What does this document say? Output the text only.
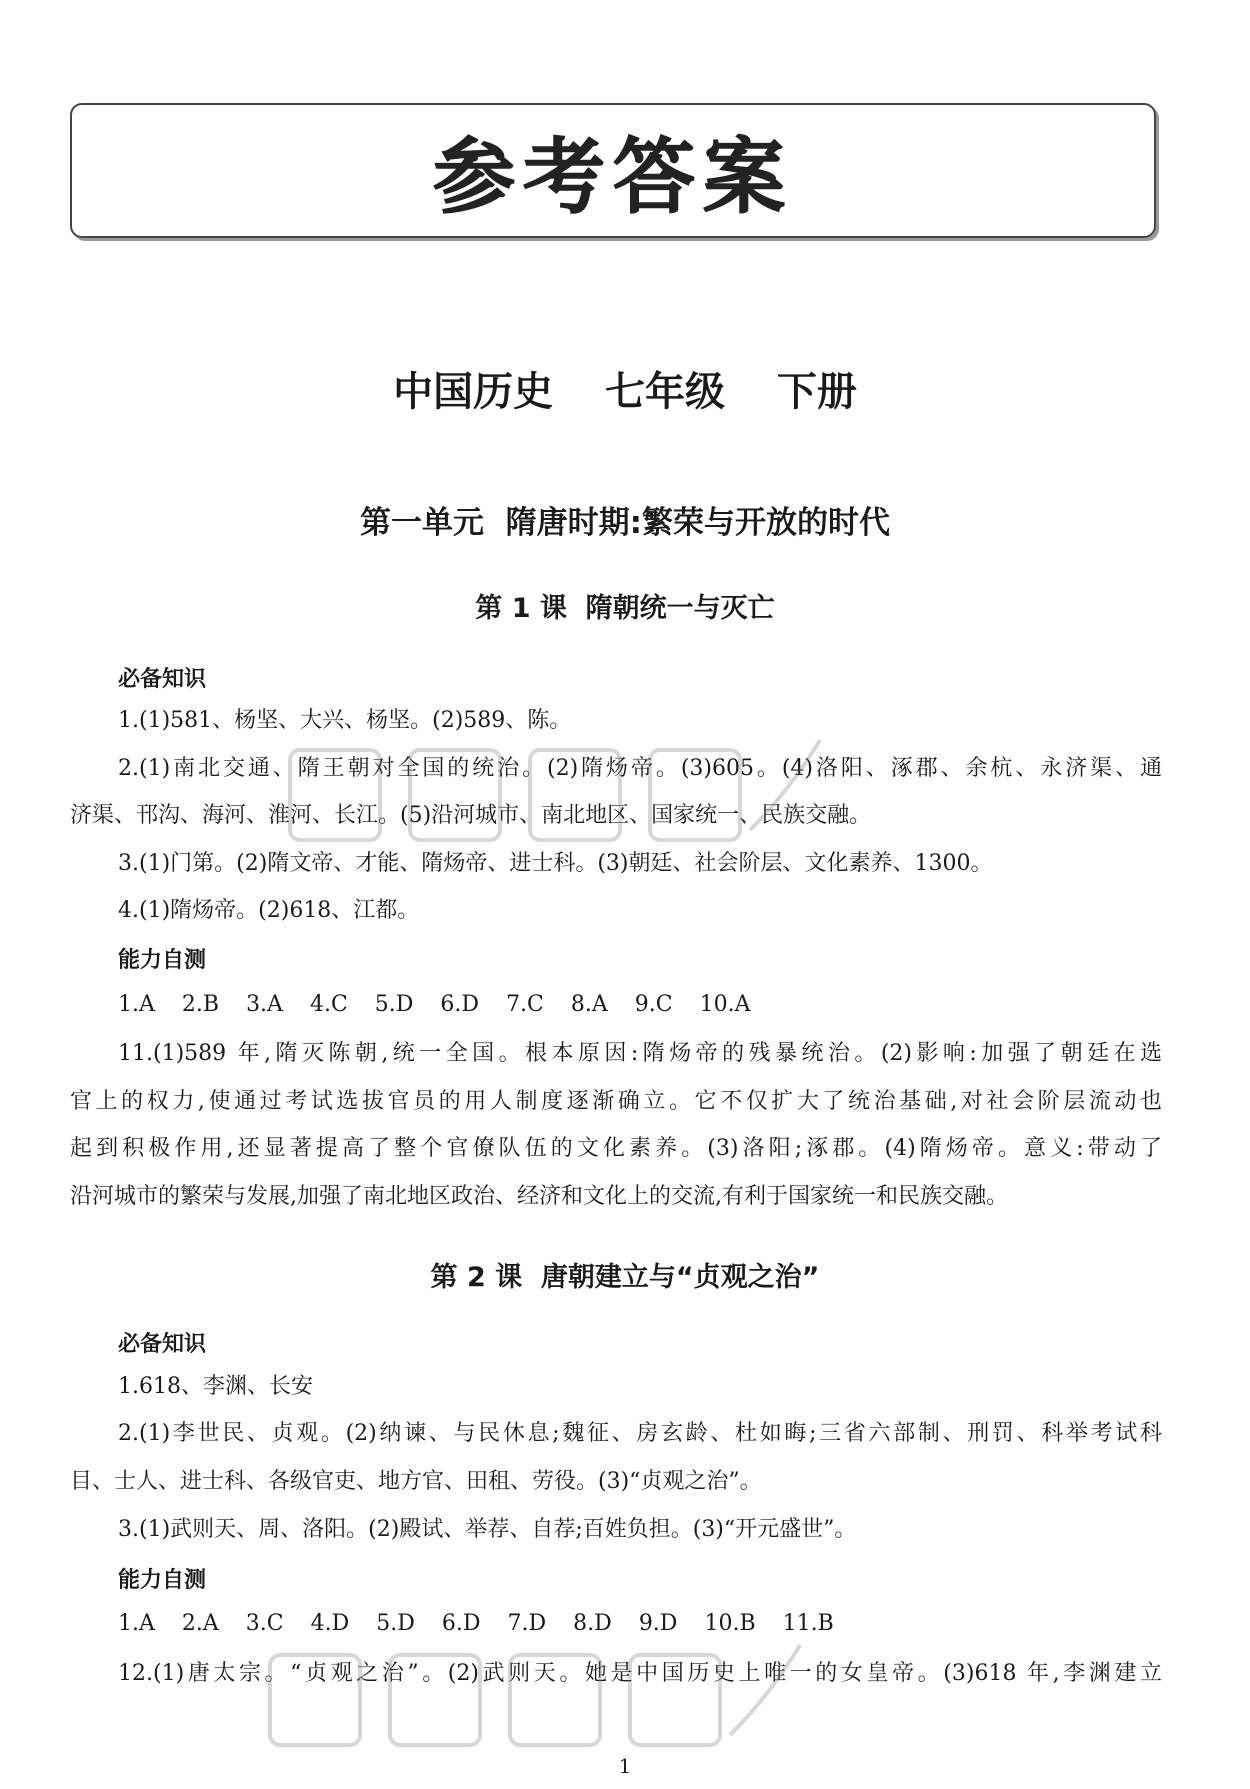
参考答案
中国历史  七年级  下册
第一单元  隋唐时期:繁荣与开放的时代
第 1 课  隋朝统一与灭亡
必备知识
1.(1)581、杨坚、大兴、杨坚。(2)589、陈。
2.(1)南北交通、隋王朝对全国的统治。(2)隋炀帝。(3)605。(4)洛阳、涿郡、余杭、永济渠、通
济渠、邗沟、海河、淮河、长江。(5)沿河城市、南北地区、国家统一、民族交融。
3.(1)门第。(2)隋文帝、才能、隋炀帝、进士科。(3)朝廷、社会阶层、文化素养、1300。
4.(1)隋炀帝。(2)618、江都。
能力自测
1.A 2.B 3.A 4.C 5.D 6.D 7.C 8.A 9.C 10.A
11.(1)589 年,隋灭陈朝,统一全国。根本原因:隋炀帝的残暴统治。(2)影响:加强了朝廷在选
官上的权力,使通过考试选拔官员的用人制度逐渐确立。它不仅扩大了统治基础,对社会阶层流动也
起到积极作用,还显著提高了整个官僚队伍的文化素养。(3)洛阳;涿郡。(4)隋炀帝。意义:带动了
沿河城市的繁荣与发展,加强了南北地区政治、经济和文化上的交流,有利于国家统一和民族交融。
第 2 课  唐朝建立与“贞观之治”
必备知识
1.618、李渊、长安
2.(1)李世民、贞观。(2)纳谏、与民休息;魏征、房玄龄、杜如晦;三省六部制、刑罚、科举考试科
目、士人、进士科、各级官吏、地方官、田租、劳役。(3)“贞观之治”。
3.(1)武则天、周、洛阳。(2)殿试、举荐、自荐;百姓负担。(3)“开元盛世”。
能力自测
1.A 2.A 3.C 4.D 5.D 6.D 7.D 8.D 9.D 10.B 11.B
12.(1)唐太宗。“贞观之治”。(2)武则天。她是中国历史上唯一的女皇帝。(3)618 年,李渊建立
1
